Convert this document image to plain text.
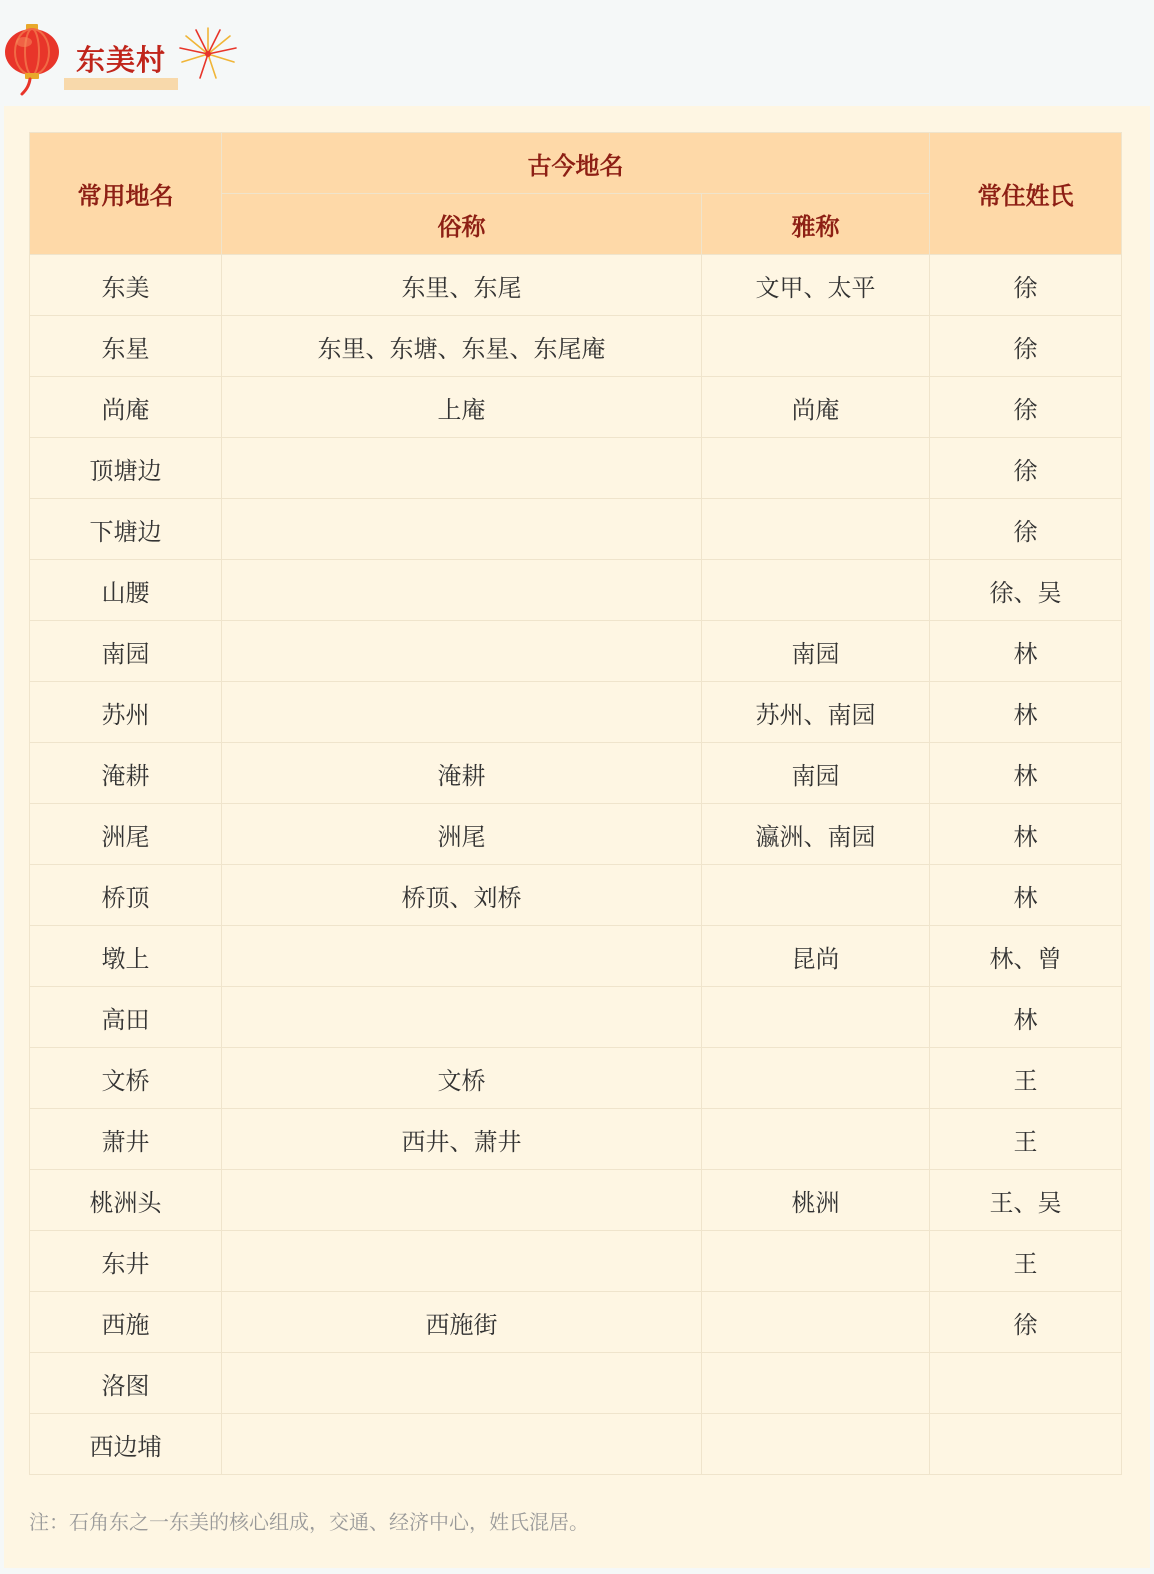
东美村
常用地名	古今地名		常住姓氏
	俗称	雅称	
东美	东里、东尾	文甲、太平	徐
东星	东里、东塘、东星、东尾庵		徐
尚庵	上庵	尚庵	徐
顶塘边			徐
下塘边			徐
山腰			徐、吴
南园		南园	林
苏州		苏州、南园	林
淹耕	淹耕	南园	林
洲尾	洲尾	瀛洲、南园	林
桥顶	桥顶、刘桥		林
墩上		昆尚	林、曾
高田			林
文桥	文桥		王
萧井	西井、萧井		王
桃洲头		桃洲	王、吴
东井			王
西施	西施街		徐
洛图			
西边埔			
注：石角东之一东美的核心组成，交通、经济中心，姓氏混居。
